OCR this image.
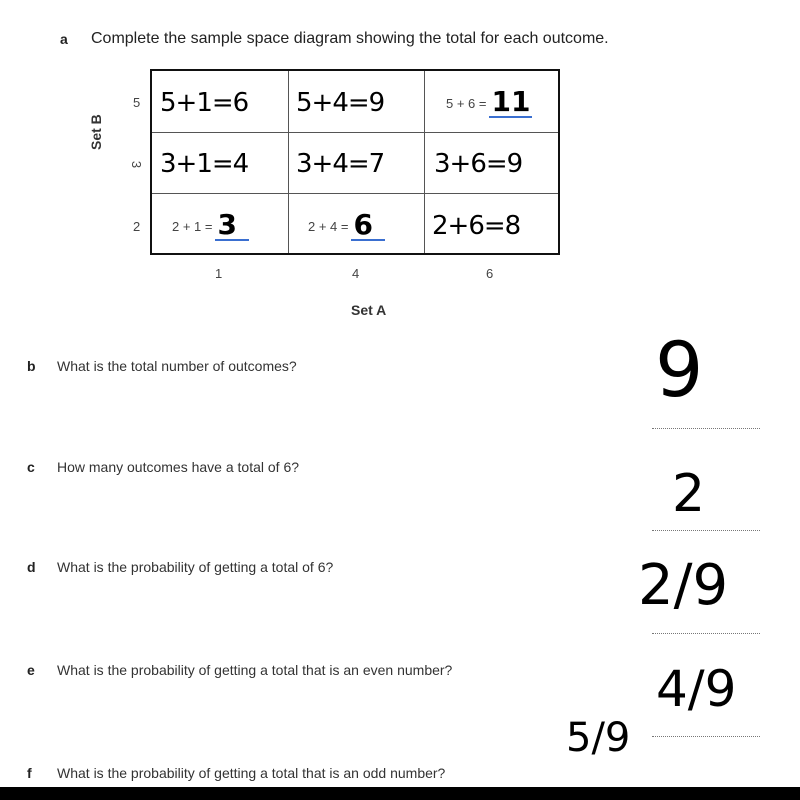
a Complete the sample space diagram showing the total for each outcome.
Set B
5
3
2
5+1=6 5+4=9	5 + 6 = 11
3+1=4 3+4=7 3+6=9
2 + 1 = 3	2 + 4 = 6	2+6=8
1	4	6
Set A
b What is the total number of outcomes?	9
c How many outcomes have a total of 6?	2
d What is the probability of getting a total of 6?	2/9
e What is the probability of getting a total that is an even number?	4/9
5/9
f What is the probability of getting a total that is an odd number?
